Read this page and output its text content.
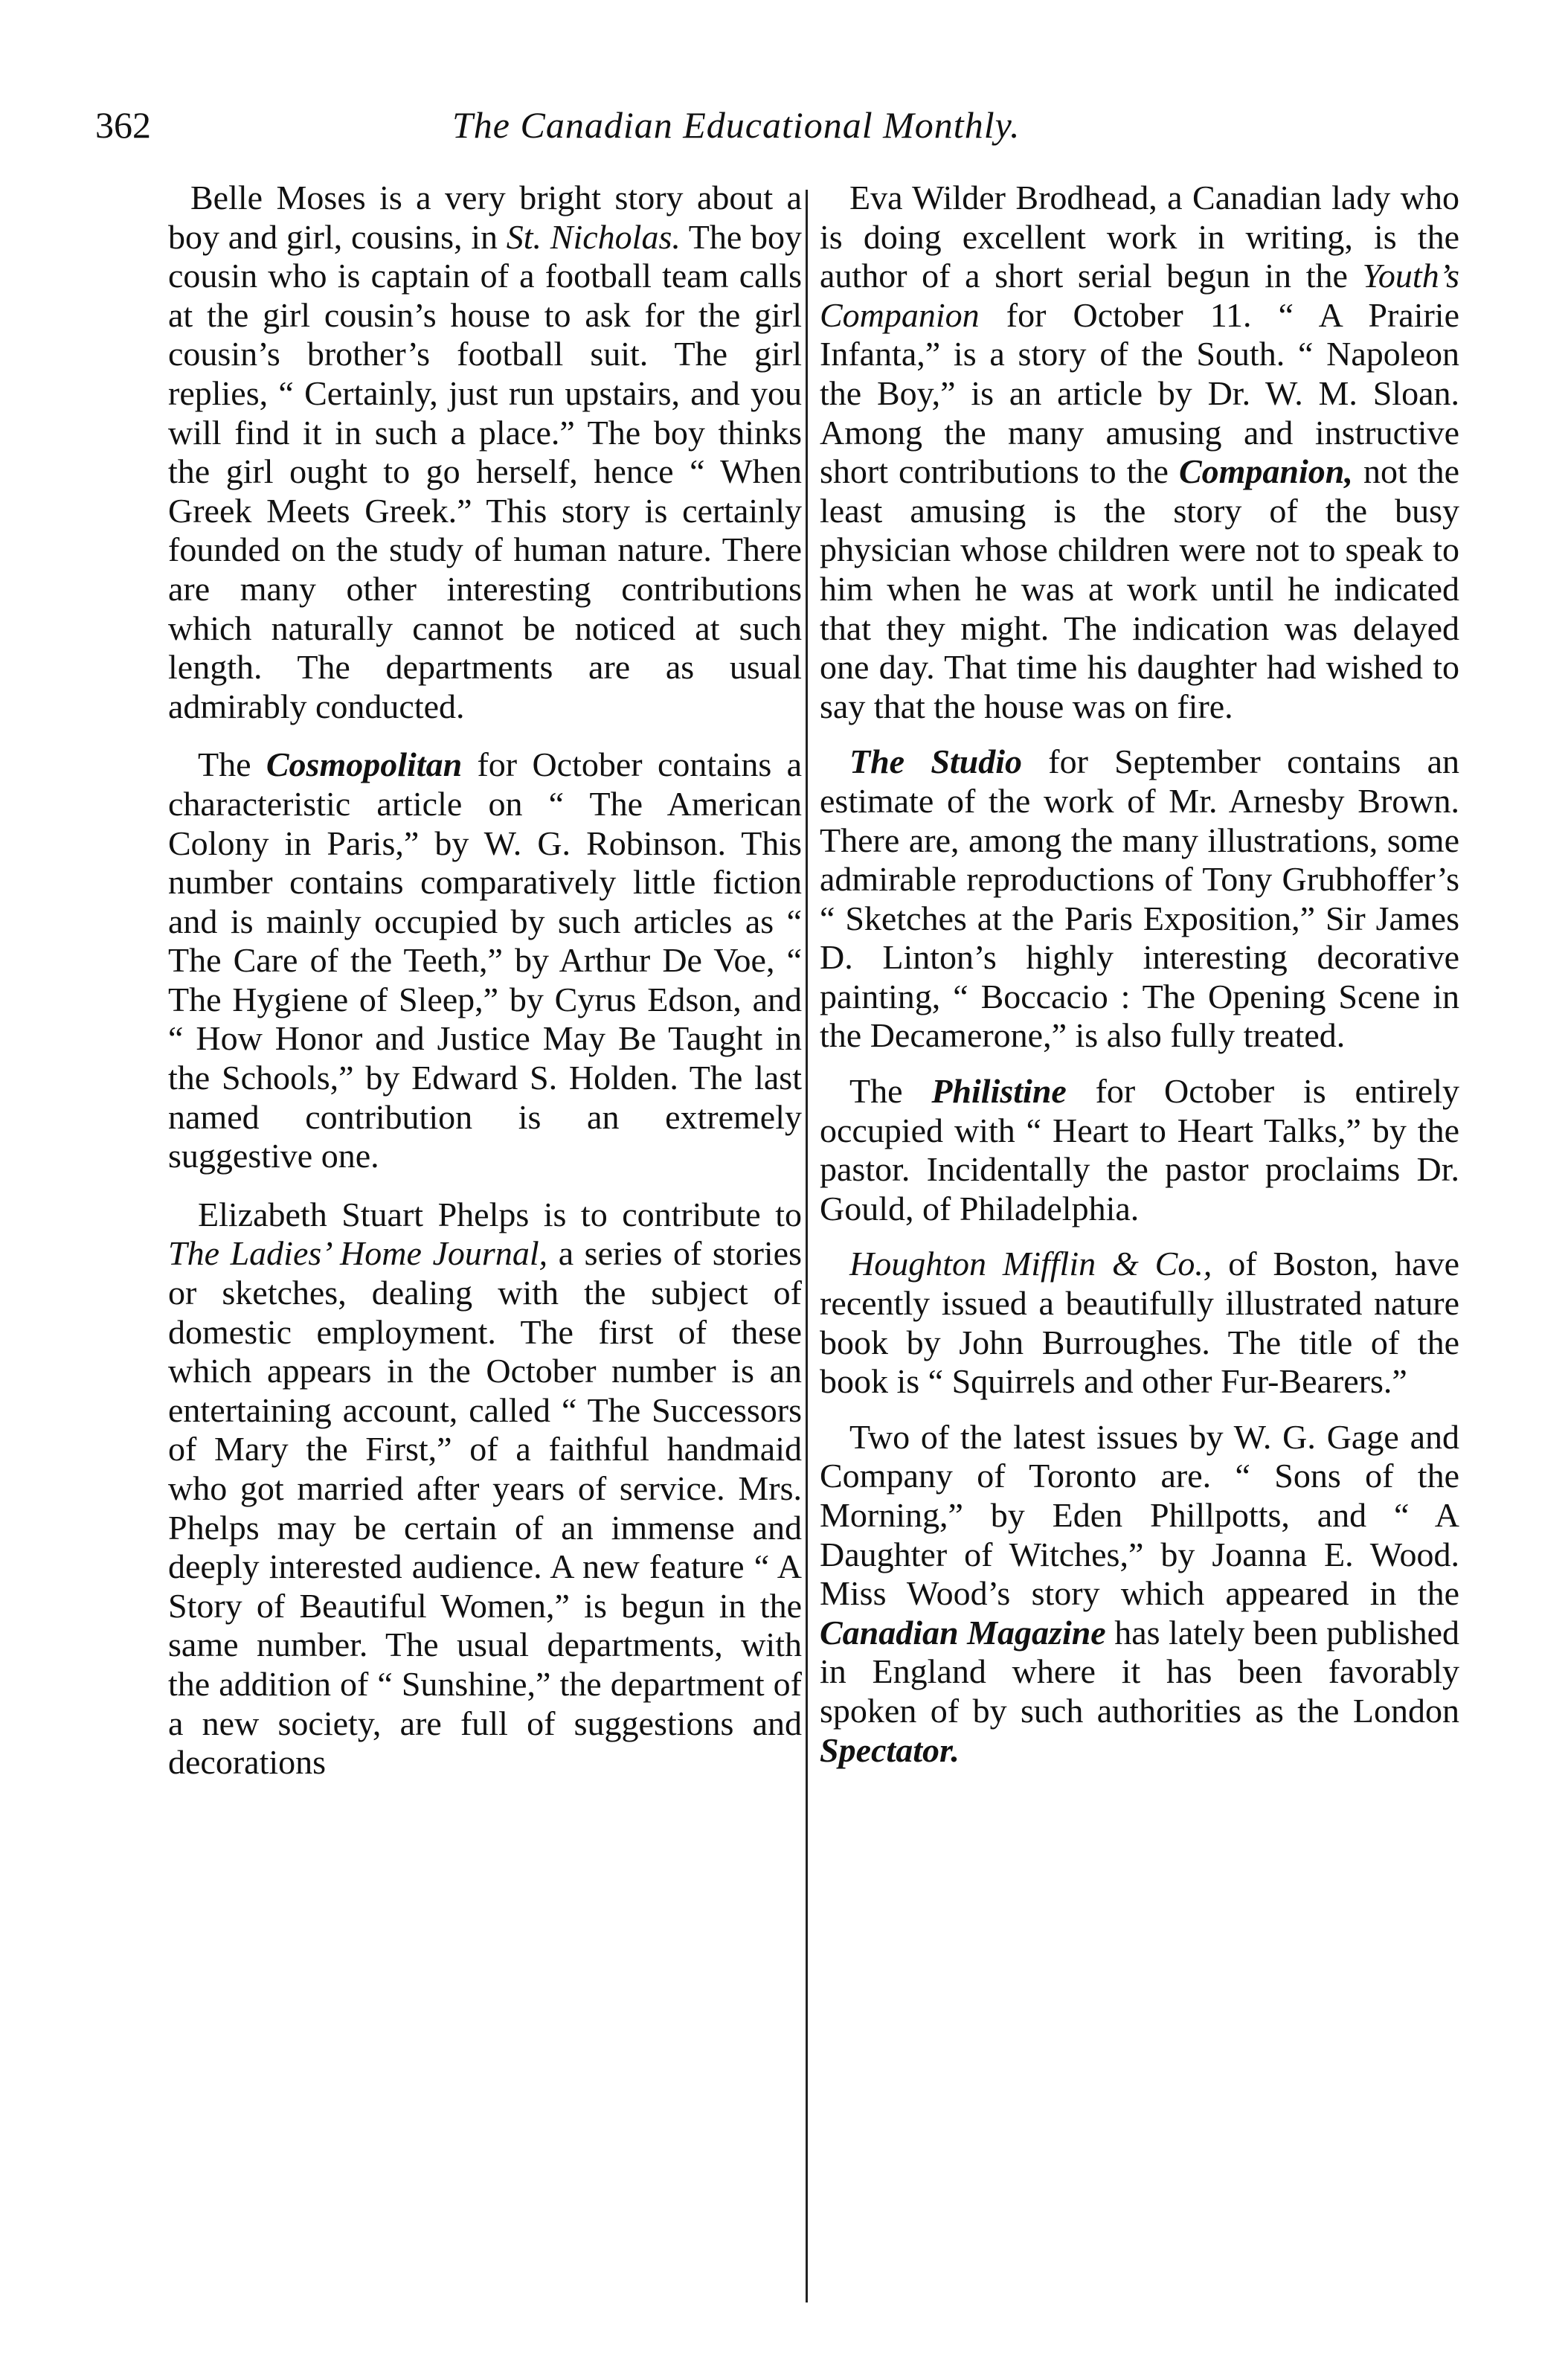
362	The Canadian Educational Monthly.

Belle Moses is a very bright story about a boy and girl, cousins, in St. Nicholas. The boy cousin who is captain of a football team calls at the girl cousin’s house to ask for the girl cousin’s brother’s football suit. The girl replies, “ Certainly, just run upstairs, and you will find it in such a place.” The boy thinks the girl ought to go herself, hence “ When Greek Meets Greek.” This story is certainly founded on the study of human nature. There are many other interesting contributions which naturally cannot be noticed at such length. The departments are as usual admirably conducted.

The Cosmopolitan for October contains a characteristic article on “ The American Colony in Paris,” by W. G. Robinson. This number contains comparatively little fiction and is mainly occupied by such articles as “ The Care of the Teeth,” by Arthur De Voe, “ The Hygiene of Sleep,” by Cyrus Edson, and “ How Honor and Justice May Be Taught in the Schools,” by Edward S. Holden. The last named contribution is an extremely suggestive one.

Elizabeth Stuart Phelps is to contribute to The Ladies’ Home Journal, a series of stories or sketches, dealing with the subject of domestic employment. The first of these which appears in the October number is an entertaining account, called “ The Successors of Mary the First,” of a faithful handmaid who got married after years of service. Mrs. Phelps may be certain of an immense and deeply interested audience. A new feature “ A Story of Beautiful Women,” is begun in the same number. The usual departments, with the addition of “ Sunshine,” the department of a new society, are full of suggestions and decorations

Eva Wilder Brodhead, a Canadian lady who is doing excellent work in writing, is the author of a short serial begun in the Youth’s Companion for October 11. “ A Prairie Infanta,” is a story of the South. “ Napoleon the Boy,” is an article by Dr. W. M. Sloan. Among the many amusing and instructive short contributions to the Companion, not the least amusing is the story of the busy physician whose children were not to speak to him when he was at work until he indicated that they might. The indication was delayed one day. That time his daughter had wished to say that the house was on fire.

The Studio for September contains an estimate of the work of Mr. Arnesby Brown. There are, among the many illustrations, some admirable reproductions of Tony Grubhoffer’s “ Sketches at the Paris Exposition,” Sir James D. Linton’s highly interesting decorative painting, “ Boccacio : The Opening Scene in the Decamerone,” is also fully treated.

The Philistine for October is entirely occupied with “ Heart to Heart Talks,” by the pastor. Incidentally the pastor proclaims Dr. Gould, of Philadelphia.

Houghton Mifflin & Co., of Boston, have recently issued a beautifully illustrated nature book by John Burroughes. The title of the book is “ Squirrels and other Fur-Bearers.”

Two of the latest issues by W. G. Gage and Company of Toronto are. “ Sons of the Morning,” by Eden Phillpotts, and “ A Daughter of Witches,” by Joanna E. Wood. Miss Wood’s story which appeared in the Canadian Magazine has lately been published in England where it has been favorably spoken of by such authorities as the London Spectator.
